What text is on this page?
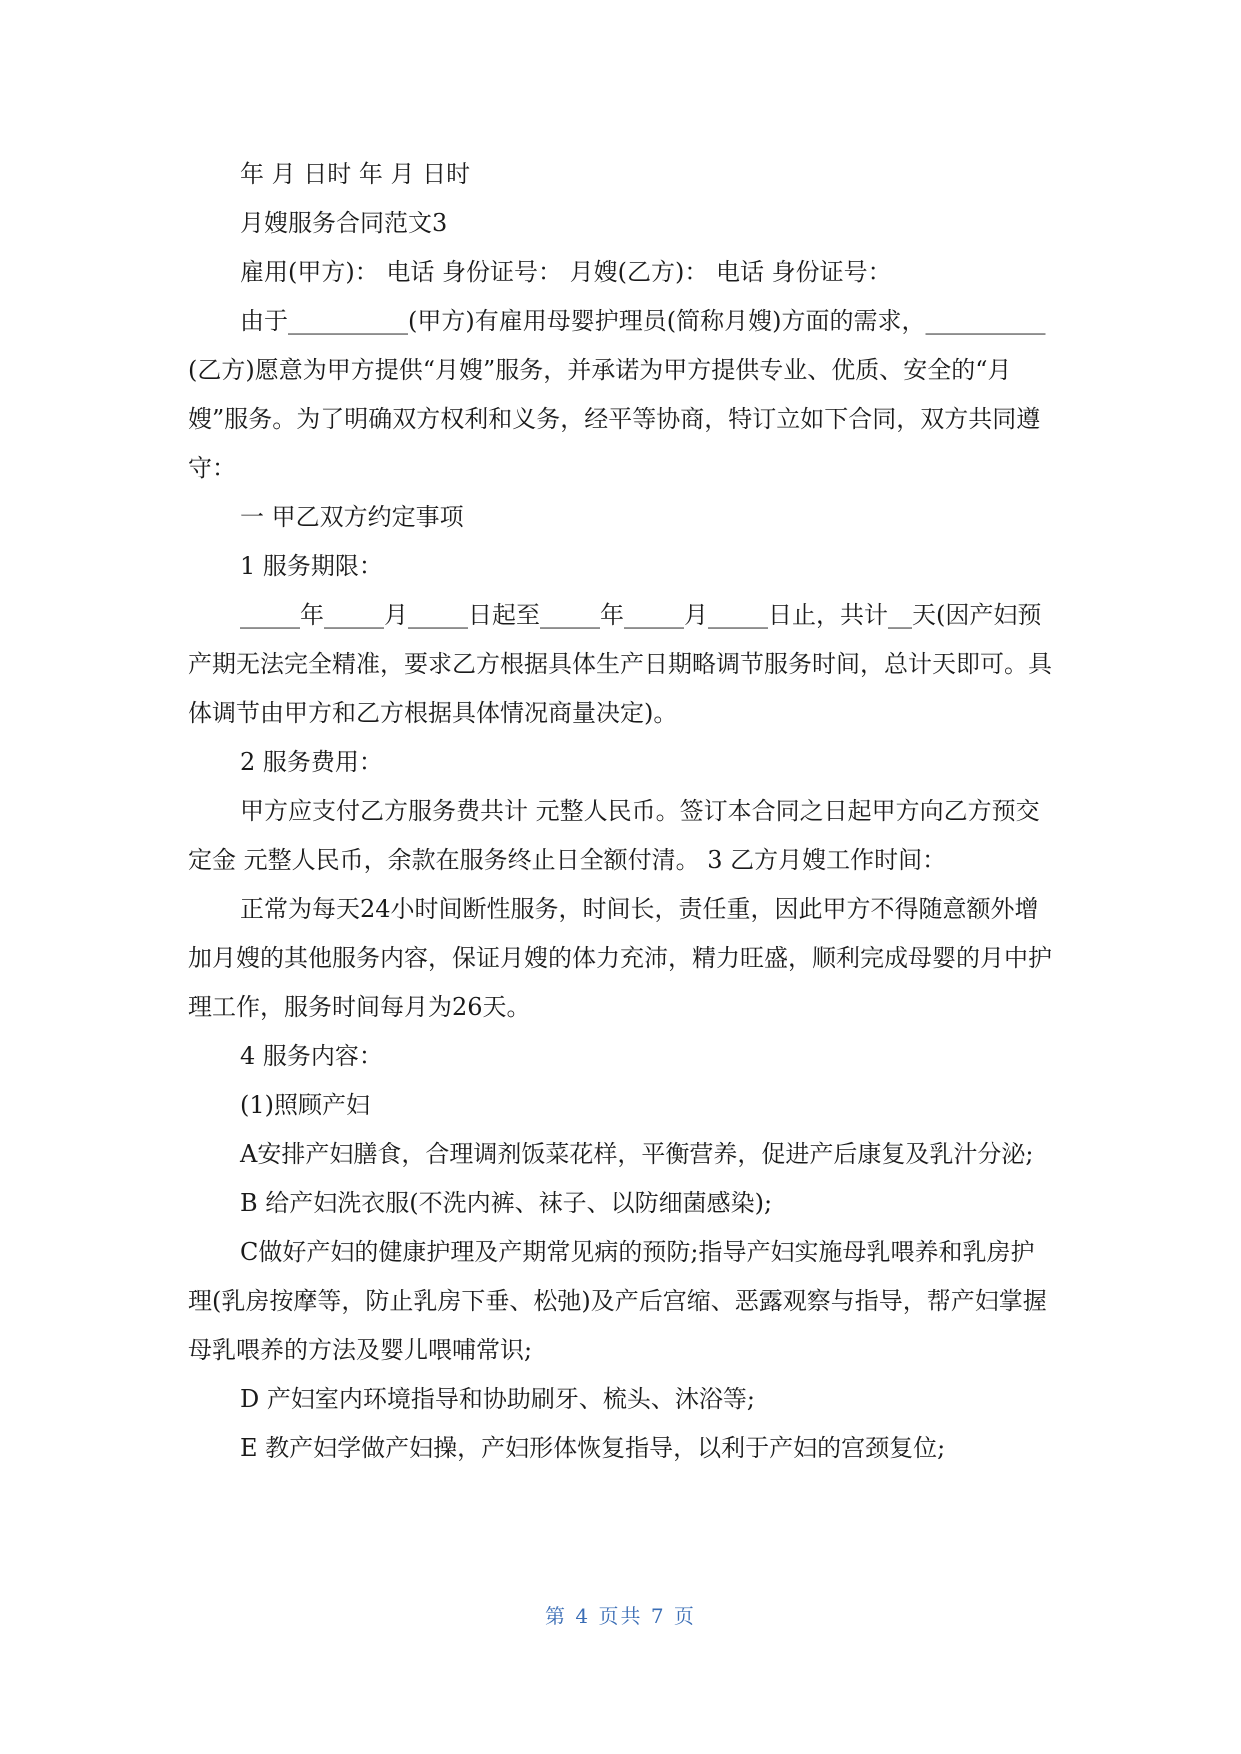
年 月 日时 年 月 日时

月嫂服务合同范文3

雇用(甲方)： 电话 身份证号： 月嫂(乙方)： 电话 身份证号：

由于__________(甲方)有雇用母婴护理员(简称月嫂)方面的需求，__________(乙方)愿意为甲方提供“月嫂”服务，并承诺为甲方提供专业、优质、安全的“月嫂”服务。为了明确双方权利和义务，经平等协商，特订立如下合同，双方共同遵守：

一 甲乙双方约定事项

1 服务期限：

_____年_____月_____日起至_____年_____月_____日止，共计__天(因产妇预产期无法完全精准，要求乙方根据具体生产日期略调节服务时间，总计天即可。具体调节由甲方和乙方根据具体情况商量决定)。

2 服务费用：

甲方应支付乙方服务费共计 元整人民币。签订本合同之日起甲方向乙方预交定金 元整人民币，余款在服务终止日全额付清。 3 乙方月嫂工作时间：

正常为每天24小时间断性服务，时间长，责任重，因此甲方不得随意额外增加月嫂的其他服务内容，保证月嫂的体力充沛，精力旺盛，顺利完成母婴的月中护理工作，服务时间每月为26天。

4 服务内容：

(1)照顾产妇

A安排产妇膳食，合理调剂饭菜花样，平衡营养，促进产后康复及乳汁分泌;

B 给产妇洗衣服(不洗内裤、袜子、以防细菌感染);

C做好产妇的健康护理及产期常见病的预防;指导产妇实施母乳喂养和乳房护理(乳房按摩等，防止乳房下垂、松弛)及产后宫缩、恶露观察与指导，帮产妇掌握母乳喂养的方法及婴儿喂哺常识;

D 产妇室内环境指导和协助刷牙、梳头、沐浴等;

E 教产妇学做产妇操，产妇形体恢复指导，以利于产妇的宫颈复位;

第 4 页共 7 页
